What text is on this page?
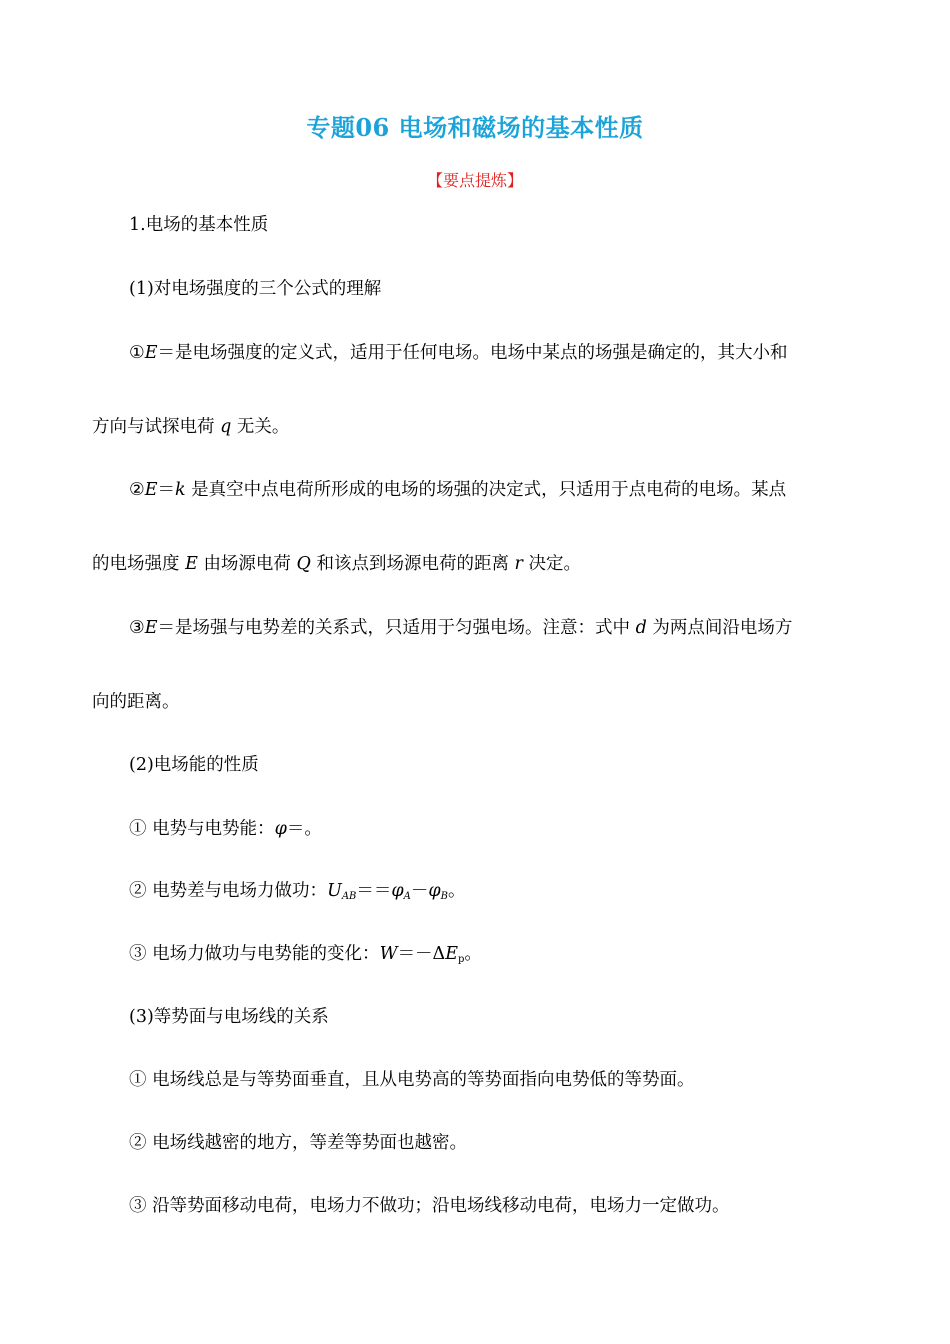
专题06 电场和磁场的基本性质
【要点提炼】
1.电场的基本性质
(1)对电场强度的三个公式的理解
①E＝是电场强度的定义式，适用于任何电场。电场中某点的场强是确定的，其大小和
方向与试探电荷 q 无关。
②E＝k 是真空中点电荷所形成的电场的场强的决定式，只适用于点电荷的电场。某点
的电场强度 E 由场源电荷 Q 和该点到场源电荷的距离 r 决定。
③E＝是场强与电势差的关系式，只适用于匀强电场。注意：式中 d 为两点间沿电场方
向的距离。
(2)电场能的性质
① 电势与电势能：φ＝。
② 电势差与电场力做功：$U_{AB}==\varphi_A-\varphi_B$。
③ 电场力做功与电势能的变化：$W=-\Delta E_p$。
(3)等势面与电场线的关系
① 电场线总是与等势面垂直，且从电势高的等势面指向电势低的等势面。
② 电场线越密的地方，等差等势面也越密。
③ 沿等势面移动电荷，电场力不做功；沿电场线移动电荷，电场力一定做功。
